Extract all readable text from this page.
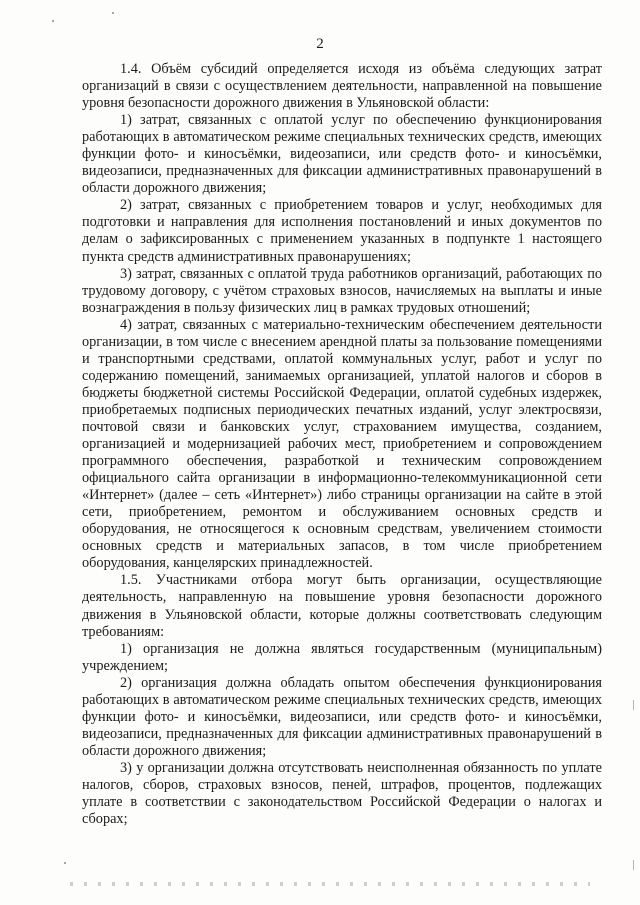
2

1.4. Объём субсидий определяется исходя из объёма следующих затрат организаций в связи с осуществлением деятельности, направленной на повышение уровня безопасности дорожного движения в Ульяновской области:

1) затрат, связанных с оплатой услуг по обеспечению функционирования работающих в автоматическом режиме специальных технических средств, имеющих функции фото- и киносъёмки, видеозаписи, или средств фото- и киносъёмки, видеозаписи, предназначенных для фиксации административных правонарушений в области дорожного движения;

2) затрат, связанных с приобретением товаров и услуг, необходимых для подготовки и направления для исполнения постановлений и иных документов по делам о зафиксированных с применением указанных в подпункте 1 настоящего пункта средств административных правонарушениях;

3) затрат, связанных с оплатой труда работников организаций, работающих по трудовому договору, с учётом страховых взносов, начисляемых на выплаты и иные вознаграждения в пользу физических лиц в рамках трудовых отношений;

4) затрат, связанных с материально-техническим обеспечением деятельности организации, в том числе с внесением арендной платы за пользование помещениями и транспортными средствами, оплатой коммунальных услуг, работ и услуг по содержанию помещений, занимаемых организацией, уплатой налогов и сборов в бюджеты бюджетной системы Российской Федерации, оплатой судебных издержек, приобретаемых подписных периодических печатных изданий, услуг электросвязи, почтовой связи и банковских услуг, страхованием имущества, созданием, организацией и модернизацией рабочих мест, приобретением и сопровождением программного обеспечения, разработкой и техническим сопровождением официального сайта организации в информационно-телекоммуникационной сети «Интернет» (далее – сеть «Интернет») либо страницы организации на сайте в этой сети, приобретением, ремонтом и обслуживанием основных средств и оборудования, не относящегося к основным средствам, увеличением стоимости основных средств и материальных запасов, в том числе приобретением оборудования, канцелярских принадлежностей.

1.5. Участниками отбора могут быть организации, осуществляющие деятельность, направленную на повышение уровня безопасности дорожного движения в Ульяновской области, которые должны соответствовать следующим требованиям:

1) организация не должна являться государственным (муниципальным) учреждением;

2) организация должна обладать опытом обеспечения функционирования работающих в автоматическом режиме специальных технических средств, имеющих функции фото- и киносъёмки, видеозаписи, или средств фото- и киносъёмки, видеозаписи, предназначенных для фиксации административных правонарушений в области дорожного движения;

3) у организации должна отсутствовать неисполненная обязанность по уплате налогов, сборов, страховых взносов, пеней, штрафов, процентов, подлежащих уплате в соответствии с законодательством Российской Федерации о налогах и сборах;
